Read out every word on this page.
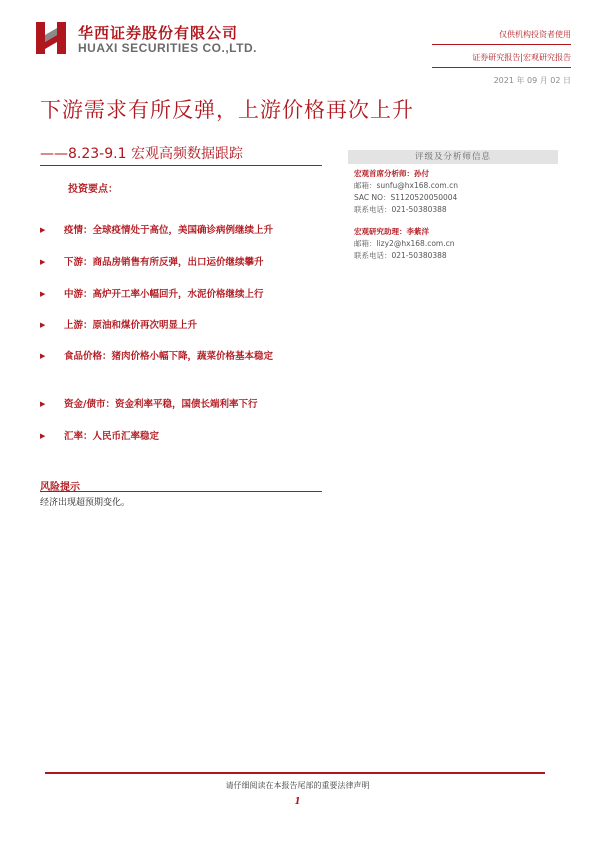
华西证券股份有限公司
HUAXI SECURITIES CO.,LTD.
仅供机构投资者使用
证券研究报告|宏观研究报告
2021 年 09 月 02 日
下游需求有所反弹，上游价格再次上升
——8.23-9.1 宏观高频数据跟踪
投资要点：
▶ 疫情：全球疫情处于高位，美国确诊病例继续上升
▶ 下游：商品房销售有所反弹，出口运价继续攀升
▶ 中游：高炉开工率小幅回升，水泥价格继续上行
▶ 上游：原油和煤价再次明显上升
▶ 食品价格：猪肉价格小幅下降，蔬菜价格基本稳定
▶ 资金/债市：资金利率平稳，国债长端利率下行
▶ 汇率：人民币汇率稳定
风险提示
经济出现超预期变化。
评级及分析师信息
宏观首席分析师：孙付
邮箱：sunfu@hx168.com.cn
SAC NO：S1120520050004
联系电话：021-50380388
宏观研究助理：李紫洋
邮箱：lizy2@hx168.com.cn
联系电话：021-50380388
请仔细阅读在本报告尾部的重要法律声明
1
